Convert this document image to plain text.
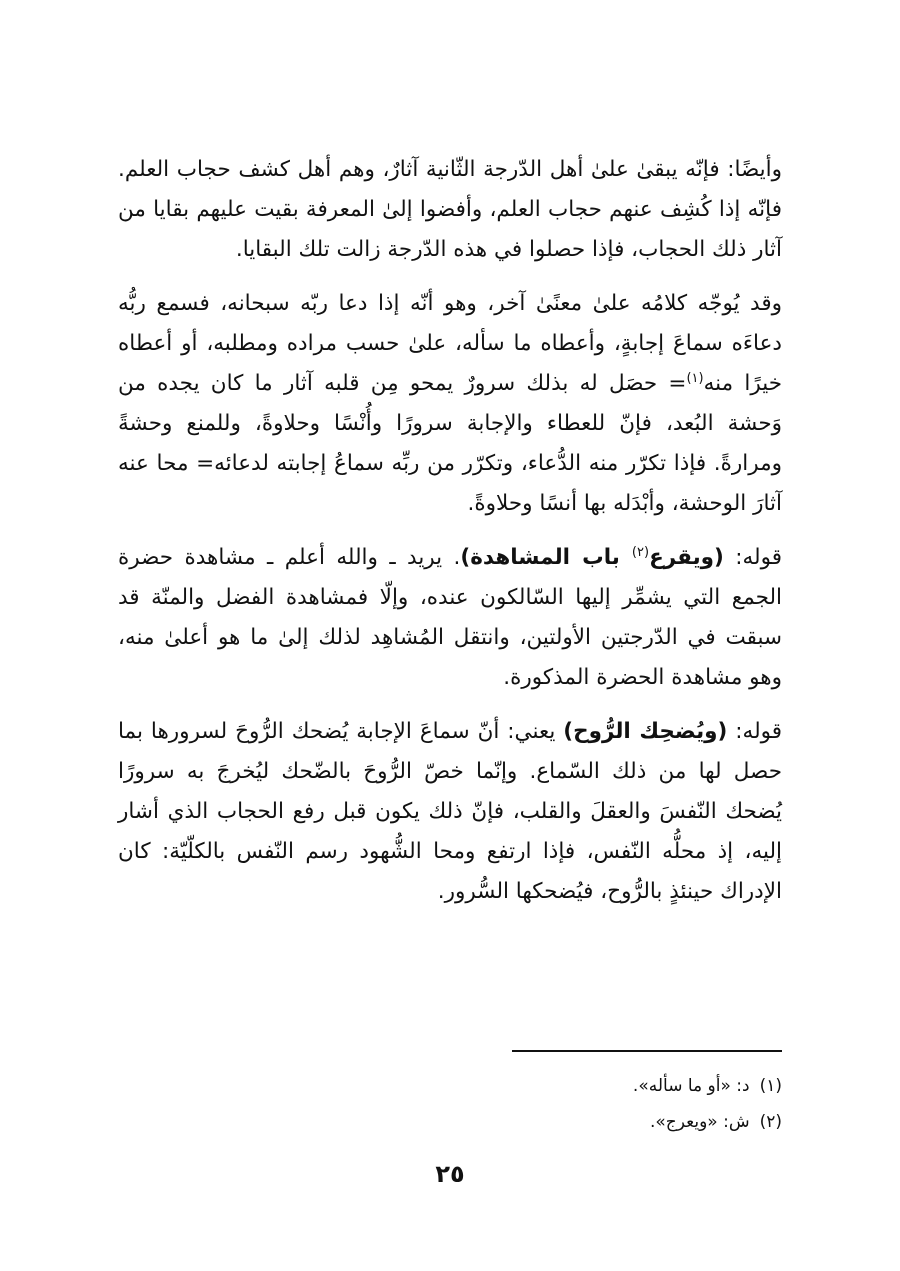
وأيضًا: فإنّه يبقىٰ علىٰ أهل الدّرجة الثّانية آثارٌ، وهم أهل كشف حجاب العلم. فإنّه إذا كُشِف عنهم حجاب العلم، وأفضوا إلىٰ المعرفة بقيت عليهم بقايا من آثار ذلك الحجاب، فإذا حصلوا في هذه الدّرجة زالت تلك البقايا.

وقد يُوجّه كلامُه علىٰ معنًىٰ آخر، وهو أنّه إذا دعا ربّه سبحانه، فسمع ربُّه دعاءَه سماعَ إجابةٍ، وأعطاه ما سأله، علىٰ حسب مراده ومطلبه، أو أعطاه خيرًا منه$^{(١)}$= حصَل له بذلك سرورٌ يمحو مِن قلبه آثار ما كان يجده من وَحشة البُعد، فإنّ للعطاء والإجابة سرورًا وأُنْسًا وحلاوةً، وللمنع وحشةً ومرارةً. فإذا تكرّر منه الدُّعاء، وتكرّر من ربِّه سماعُ إجابته لدعائه= محا عنه آثارَ الوحشة، وأبْدَله بها أنسًا وحلاوةً.

قوله: (ويقرع$^{(٢)}$ باب المشاهدة). يريد ـ والله أعلم ـ مشاهدة حضرة الجمع التي يشمِّر إليها السّالكون عنده، وإلّا فمشاهدة الفضل والمنّة قد سبقت في الدّرجتين الأولتين، وانتقل المُشاهِد لذلك إلىٰ ما هو أعلىٰ منه، وهو مشاهدة الحضرة المذكورة.

قوله: (ويُضحِك الرُّوح) يعني: أنّ سماعَ الإجابة يُضحك الرُّوحَ لسرورها بما حصل لها من ذلك السّماع. وإنّما خصّ الرُّوحَ بالضّحك ليُخرجَ به سرورًا يُضحك النّفسَ والعقلَ والقلب، فإنّ ذلك يكون قبل رفع الحجاب الذي أشار إليه، إذ محلُّه النّفس، فإذا ارتفع ومحا الشُّهود رسم النّفس بالكلّيّة: كان الإدراك حينئذٍ بالرُّوح، فيُضحكها السُّرور.

(١)د: «أو ما سأله».
(٢)ش: «ويعرج».
٢٥
